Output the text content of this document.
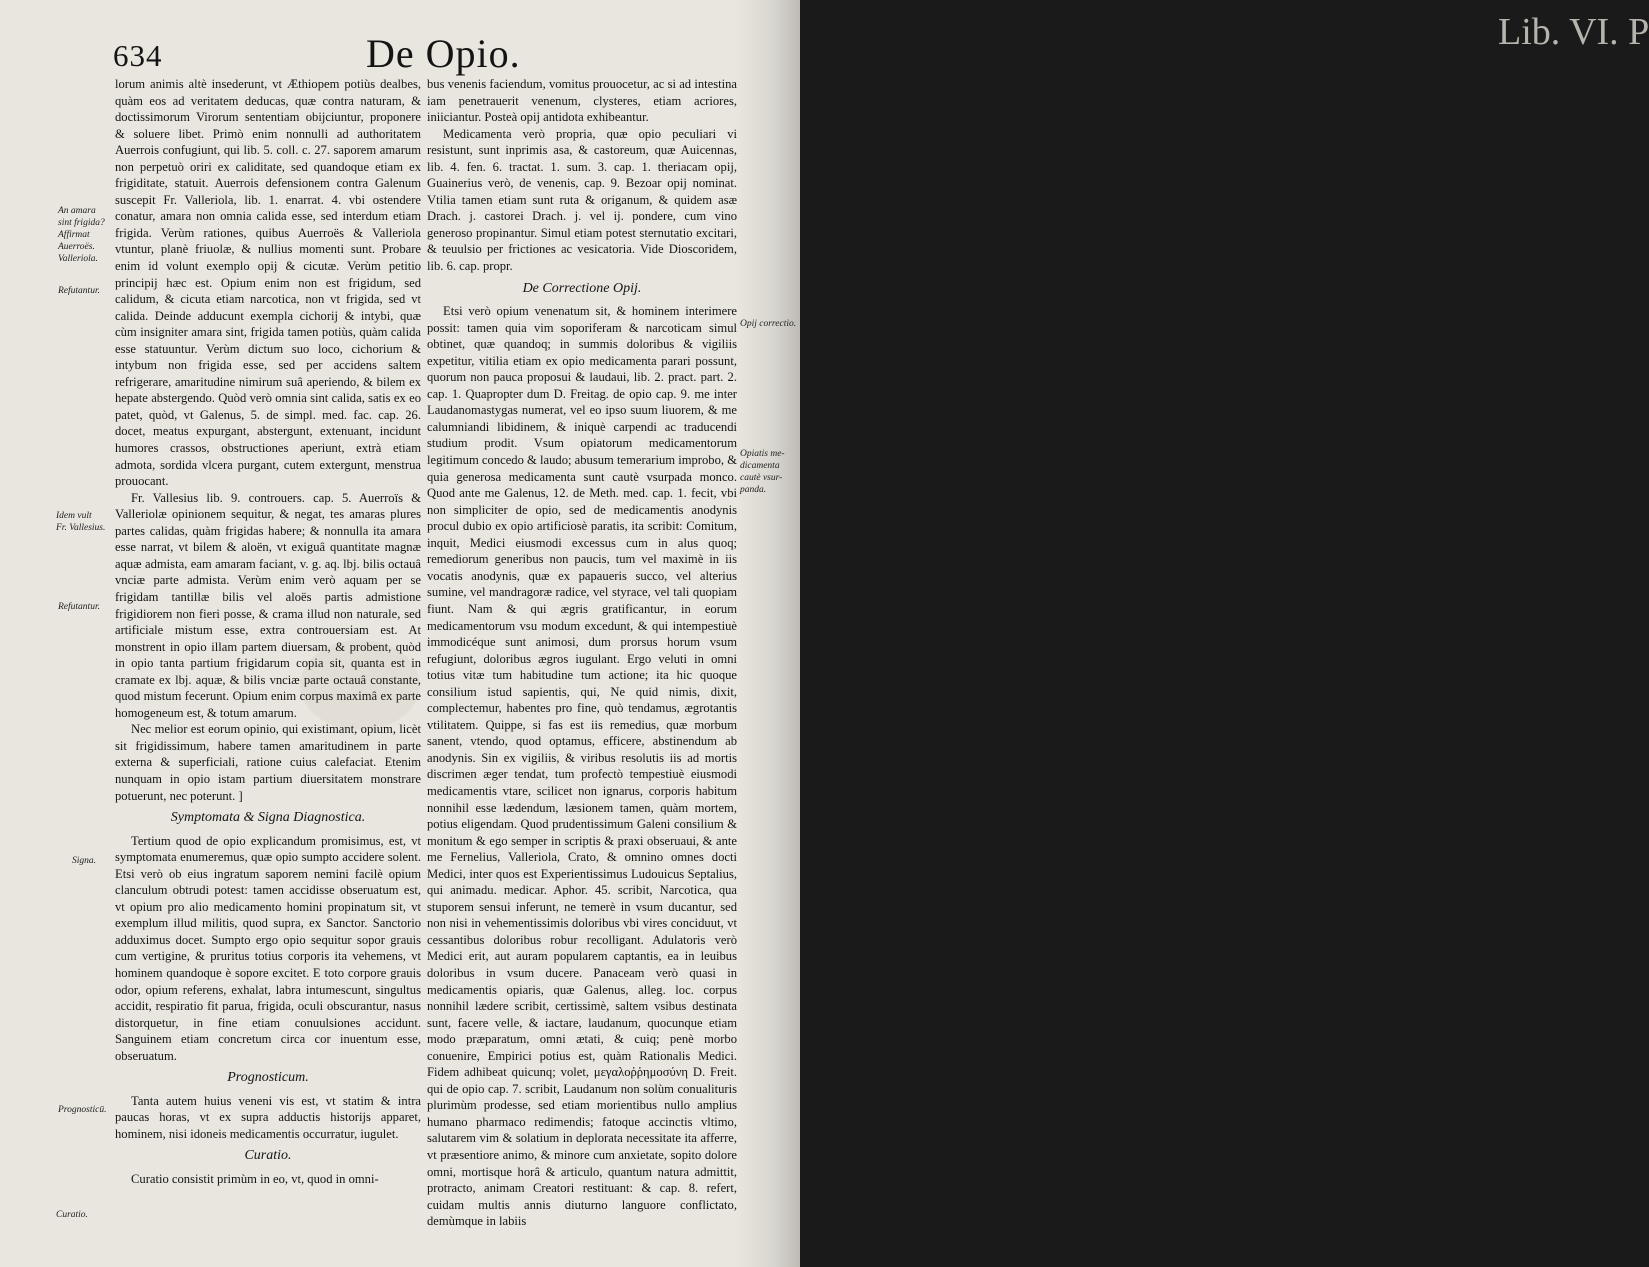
Lib. VI. P
634	De Opio.
An amara
sint frigida?
Affirmat
Auerroës.
Valleriola.
Refutantur.
Idem vult
Fr. Vallesius.
Refutantur.
Signa.
Prognosticū.
Curatio.
Opij correctio.
Opiatis me-
dicamenta
cautè vsur-
panda.

lorum animis altè insederunt, vt Æthiopem potiùs dealbes, quàm eos ad veritatem deducas, quæ contra naturam, & doctissimorum Virorum sententiam obijciuntur, proponere & soluere libet. Primò enim nonnulli ad authoritatem Auerrois confugiunt, qui lib. 5. coll. c. 27. saporem amarum non perpetuò oriri ex caliditate, sed quandoque etiam ex frigiditate, statuit. Auerrois defensionem contra Galenum suscepit Fr. Valleriola, lib. 1. enarrat. 4. vbi ostendere conatur, amara non omnia calida esse, sed interdum etiam frigida. Verùm rationes, quibus Auerroës & Valleriola vtuntur, planè friuolæ, & nullius momenti sunt. Probare enim id volunt exemplo opij & cicutæ. Verùm petitio principij hæc est. Opium enim non est frigidum, sed calidum, & cicuta etiam narcotica, non vt frigida, sed vt calida. Deinde adducunt exempla cichorij & intybi, quæ cùm insigniter amara sint, frigida tamen potiùs, quàm calida esse statuuntur. Verùm dictum suo loco, cichorium & intybum non frigida esse, sed per accidens saltem refrigerare, amaritudine nimirum suâ aperiendo, & bilem ex hepate abstergendo. Quòd verò omnia sint calida, satis ex eo patet, quòd, vt Galenus, 5. de simpl. med. fac. cap. 26. docet, meatus expurgant, abstergunt, extenuant, incidunt humores crassos, obstructiones aperiunt, extrà etiam admota, sordida vlcera purgant, cutem extergunt, menstrua prouocant.

Fr. Vallesius lib. 9. controuers. cap. 5. Auerroïs & Valleriolæ opinionem sequitur, & negat, tes amaras plures partes calidas, quàm frigidas habere; & nonnulla ita amara esse narrat, vt bilem & aloën, vt exiguâ quantitate magnæ aquæ admista, eam amaram faciant, v. g. aq. lbj. bilis octauâ vnciæ parte admista. Verùm enim verò aquam per se frigidam tantillæ bilis vel aloës partis admistione frigidiorem non fieri posse, & crama illud non naturale, sed artificiale mistum esse, extra controuersiam est. At monstrent in opio illam partem diuersam, & probent, quòd in opio tanta partium frigidarum copia sit, quanta est in cramate ex lbj. aquæ, & bilis vnciæ parte octauâ constante, quod mistum fecerunt. Opium enim corpus maximâ ex parte homogeneum est, & totum amarum.

Nec melior est eorum opinio, qui existimant, opium, licèt sit frigidissimum, habere tamen amaritudinem in parte externa & superficiali, ratione cuius calefaciat. Etenim nunquam in opio istam partium diuersitatem monstrare potuerunt, nec poterunt. ]

Symptomata & Signa Diagnostica.

Tertium quod de opio explicandum promisimus, est, vt symptomata enumeremus, quæ opio sumpto accidere solent. Etsi verò ob eius ingratum saporem nemini facilè opium clanculum obtrudi potest: tamen accidisse obseruatum est, vt opium pro alio medicamento homini propinatum sit, vt exemplum illud militis, quod supra, ex Sanctor. Sanctorio adduximus docet. Sumpto ergo opio sequitur sopor grauis cum vertigine, & pruritus totius corporis ita vehemens, vt hominem quandoque è sopore excitet. E toto corpore grauis odor, opium referens, exhalat, labra intumescunt, singultus accidit, respiratio fit parua, frigida, oculi obscurantur, nasus distorquetur, in fine etiam conuulsiones accidunt. Sanguinem etiam concretum circa cor inuentum esse, obseruatum.

Prognosticum.

Tanta autem huius veneni vis est, vt statim & intra paucas horas, vt ex supra adductis historijs apparet, hominem, nisi idoneis medicamentis occurratur, iugulet.

Curatio.

Curatio consistit primùm in eo, vt, quod in omni-

bus venenis faciendum, vomitus prouocetur, ac si ad intestina iam penetrauerit venenum, clysteres, etiam acriores, iniiciantur. Posteà opij antidota exhibeantur.

Medicamenta verò propria, quæ opio peculiari vi resistunt, sunt inprimis asa, & castoreum, quæ Auicennas, lib. 4. fen. 6. tractat. 1. sum. 3. cap. 1. theriacam opij, Guainerius verò, de venenis, cap. 9. Bezoar opij nominat. Vtilia tamen etiam sunt ruta & origanum, & quidem asæ Drach. j. castorei Drach. j. vel ij. pondere, cum vino generoso propinantur. Simul etiam potest sternutatio excitari, & teuulsio per frictiones ac vesicatoria. Vide Dioscoridem, lib. 6. cap. propr.

De Correctione Opij.

Etsi verò opium venenatum sit, & hominem interimere possit: tamen quia vim soporiferam & narcoticam simul obtinet, quæ quandoq; in summis doloribus & vigiliis expetitur, vitilia etiam ex opio medicamenta parari possunt, quorum non pauca proposui & laudaui, lib. 2. pract. part. 2. cap. 1. Quapropter dum D. Freitag. de opio cap. 9. me inter Laudanomastygas numerat, vel eo ipso suum liuorem, & me calumniandi libidinem, & iniquè carpendi ac traducendi studium prodit. Vsum opiatorum medicamentorum legitimum concedo & laudo; abusum temerarium improbo, & quia generosa medicamenta sunt cautè vsurpada monco. Quod ante me Galenus, 12. de Meth. med. cap. 1. fecit, vbi non simpliciter de opio, sed de medicamentis anodynis procul dubio ex opio artificiosè paratis, ita scribit: Comitum, inquit, Medici eiusmodi excessus cum in alus quoq; remediorum generibus non paucis, tum vel maximè in iis vocatis anodynis, quæ ex papaueris succo, vel alterius sumine, vel mandragoræ radice, vel styrace, vel tali quopiam fiunt. Nam & qui ægris gratificantur, in eorum medicamentorum vsu modum excedunt, & qui intempestiuè immodicéque sunt animosi, dum prorsus horum vsum refugiunt, doloribus ægros iugulant. Ergo veluti in omni totius vitæ tum habitudine tum actione; ita hic quoque consilium istud sapientis, qui, Ne quid nimis, dixit, complectemur, habentes pro fine, quò tendamus, ægrotantis vtilitatem. Quippe, si fas est iis remedius, quæ morbum sanent, vtendo, quod optamus, efficere, abstinendum ab anodynis. Sin ex vigiliis, & viribus resolutis iis ad mortis discrimen æger tendat, tum profectò tempestiuè eiusmodi medicamentis vtare, scilicet non ignarus, corporis habitum nonnihil esse lædendum, læsionem tamen, quàm mortem, potius eligendam. Quod prudentissimum Galeni consilium & monitum & ego semper in scriptis & praxi obseruaui, & ante me Fernelius, Valleriola, Crato, & omnino omnes docti Medici, inter quos est Experientissimus Ludouicus Septalius, qui animadu. medicar. Aphor. 45. scribit, Narcotica, qua stuporem sensui inferunt, ne temerè in vsum ducantur, sed non nisi in vehementissimis doloribus vbi vires conciduut, vt cessantibus doloribus robur recolligant. Adulatoris verò Medici erit, aut auram popularem captantis, ea in leuibus doloribus in vsum ducere. Panaceam verò quasi in medicamentis opiaris, quæ Galenus, alleg. loc. corpus nonnihil lædere scribit, certissimè, saltem vsibus destinata sunt, facere velle, & iactare, laudanum, quocunque etiam modo præparatum, omni ætati, & cuiq; penè morbo conuenire, Empirici potius est, quàm Rationalis Medici. Fidem adhibeat quicunq; volet, μεγαλοῤῥημοσύνη D. Freit. qui de opio cap. 7. scribit, Laudanum non solùm conualituris plurimùm prodesse, sed etiam morientibus nullo amplius humano pharmaco redimendis; fatoque accinctis vltimo, salutarem vim & solatium in deplorata necessitate ita afferre, vt præsentiore animo, & minore cum anxietate, sopito dolore omni, mortisque horâ & articulo, quantum natura admittit, protracto, animam Creatori restituant: & cap. 8. refert, cuidam multis annis diuturno languore conflictato, demùmque in labiis
